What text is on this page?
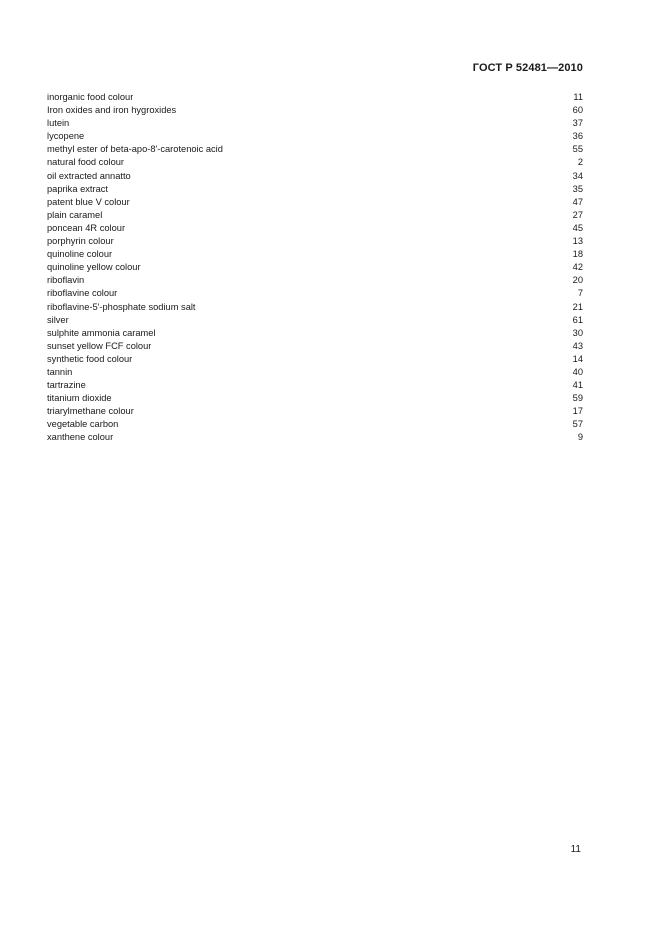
ГОСТ Р 52481—2010
inorganic food colour	11
Iron oxides and iron hygroxides	60
lutein	37
lycopene	36
methyl ester of beta-apo-8′-carotenoic acid	55
natural food colour	2
oil extracted annatto	34
paprika extract	35
patent blue V colour	47
plain caramel	27
poncean 4R colour	45
porphyrin colour	13
quinoline colour	18
quinoline yellow colour	42
riboflavin	20
riboflavine colour	7
riboflavine-5′-phosphate sodium salt	21
silver	61
sulphite ammonia caramel	30
sunset yellow FCF colour	43
synthetic food colour	14
tannin	40
tartrazine	41
titanium dioxide	59
triarylmethane colour	17
vegetable carbon	57
xanthene colour	9
11
